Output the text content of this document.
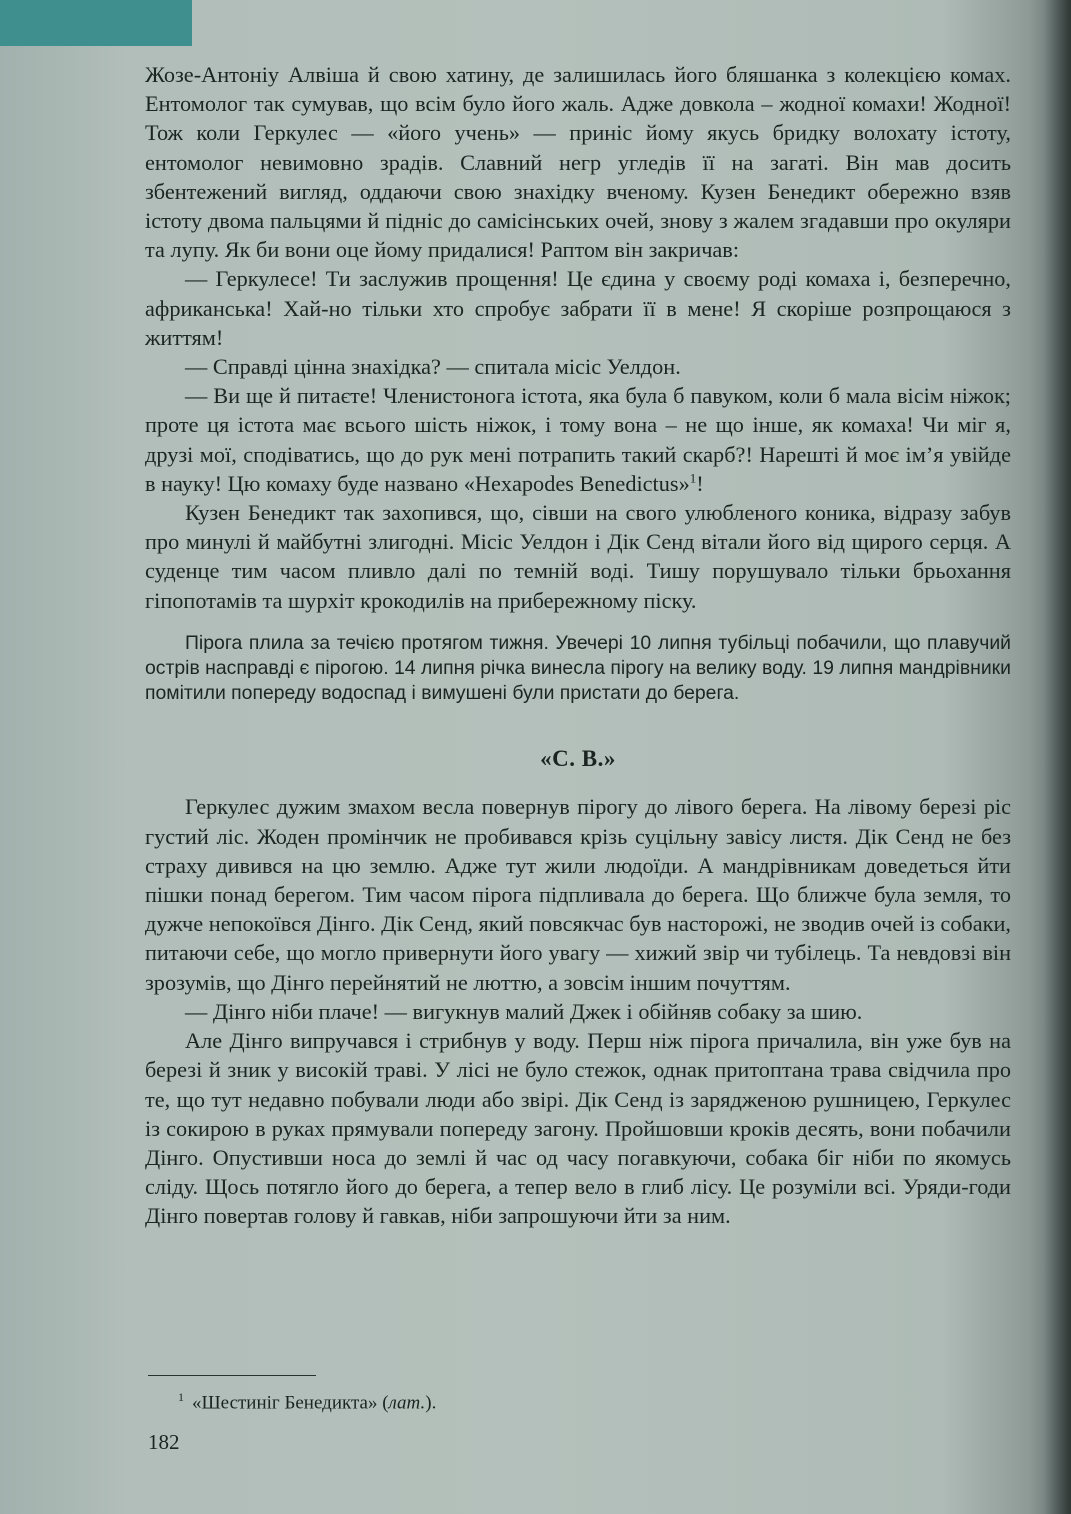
Жозе-Антоніу Алвіша й свою хатину, де залишилась його бляшанка з колекцією комах. Ентомолог так сумував, що всім було його жаль. Адже довкола – жодної комахи! Жодної! Тож коли Геркулес — «його учень» — приніс йому якусь бридку волохату істоту, ентомолог невимовно зрадів. Славний негр угледів її на загаті. Він мав досить збентежений вигляд, оддаючи свою знахідку вченому. Кузен Бенедикт обережно взяв істоту двома пальцями й підніс до самісінських очей, знову з жалем згадавши про окуляри та лупу. Як би вони оце йому придалися! Раптом він закричав:

— Геркулесе! Ти заслужив прощення! Це єдина у своєму роді комаха і, безперечно, африканська! Хай-но тільки хто спробує забрати її в мене! Я скоріше розпрощаюся з життям!

— Справді цінна знахідка? — спитала місіс Уелдон.

— Ви ще й питаєте! Членистонога істота, яка була б павуком, коли б мала вісім ніжок; проте ця істота має всього шість ніжок, і тому вона – не що інше, як комаха! Чи міг я, друзі мої, сподіватись, що до рук мені потрапить такий скарб?! Нарешті й моє ім’я увійде в науку! Цю комаху буде названо «Hexapodes Benedictus»$^1$!

Кузен Бенедикт так захопився, що, сівши на свого улюбленого коника, відразу забув про минулі й майбутні злигодні. Місіс Уелдон і Дік Сенд вітали його від щирого серця. А суденце тим часом пливло далі по темній воді. Тишу порушувало тільки брьохання гіпопотамів та шурхіт крокодилів на прибережному піску.

Пірога плила за течією протягом тижня. Увечері 10 липня тубільці побачили, що плавучий острів насправді є пірогою. 14 липня річка винесла пірогу на велику воду. 19 липня мандрівники помітили попереду водоспад і вимушені були пристати до берега.

«С. В.»

Геркулес дужим змахом весла повернув пірогу до лівого берега. На лівому березі ріс густий ліс. Жоден промінчик не пробивався крізь суцільну завісу листя. Дік Сенд не без страху дивився на цю землю. Адже тут жили людоїди. А мандрівникам доведеться йти пішки понад берегом. Тим часом пірога підпливала до берега. Що ближче була земля, то дужче непокоївся Дінго. Дік Сенд, який повсякчас був насторожі, не зводив очей із собаки, питаючи себе, що могло привернути його увагу — хижий звір чи тубілець. Та невдовзі він зрозумів, що Дінго перейнятий не люттю, а зовсім іншим почуттям.

— Дінго ніби плаче! — вигукнув малий Джек і обійняв собаку за шию.

Але Дінго випручався і стрибнув у воду. Перш ніж пірога причалила, він уже був на березі й зник у високій траві. У лісі не було стежок, однак притоптана трава свідчила про те, що тут недавно побували люди або звірі. Дік Сенд із зарядженою рушницею, Геркулес із сокирою в руках прямували попереду загону. Пройшовши кроків десять, вони побачили Дінго. Опустивши носа до землі й час од часу погавкуючи, собака біг ніби по якомусь сліду. Щось потягло його до берега, а тепер вело в глиб лісу. Це розуміли всі. Уряди-годи Дінго повертав голову й гавкав, ніби запрошуючи йти за ним.

$^1$ «Шестиніг Бенедикта» (лат.).
182
